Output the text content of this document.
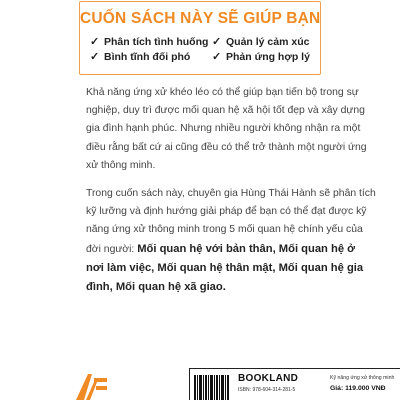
CUỐN SÁCH NÀY SẼ GIÚP BẠN
✓ Phân tích tình huống ✓ Quản lý cảm xúc
✓ Bình tĩnh đối phó ✓ Phản ứng hợp lý

Khả năng ứng xử khéo léo có thể giúp bạn tiến bộ trong sự nghiệp, duy trì được mối quan hệ xã hội tốt đẹp và xây dựng gia đình hạnh phúc. Nhưng nhiều người không nhận ra một điều rằng bất cứ ai cũng đều có thể trở thành một người ứng xử thông minh.

Trong cuốn sách này, chuyên gia Hùng Thái Hành sẽ phân tích kỹ lưỡng và định hướng giải pháp để bạn có thể đạt được kỹ năng ứng xử thông minh trong 5 mối quan hệ chính yếu của đời người: Mối quan hệ với bản thân, Mối quan hệ ở nơi làm việc, Mối quan hệ thân mật, Mối quan hệ gia đình, Mối quan hệ xã giao.

BOOKLAND
ISBN: 978-604-314-281-5
Kỹ năng ứng xử thông minh
Giá: 119.000 VNĐ
